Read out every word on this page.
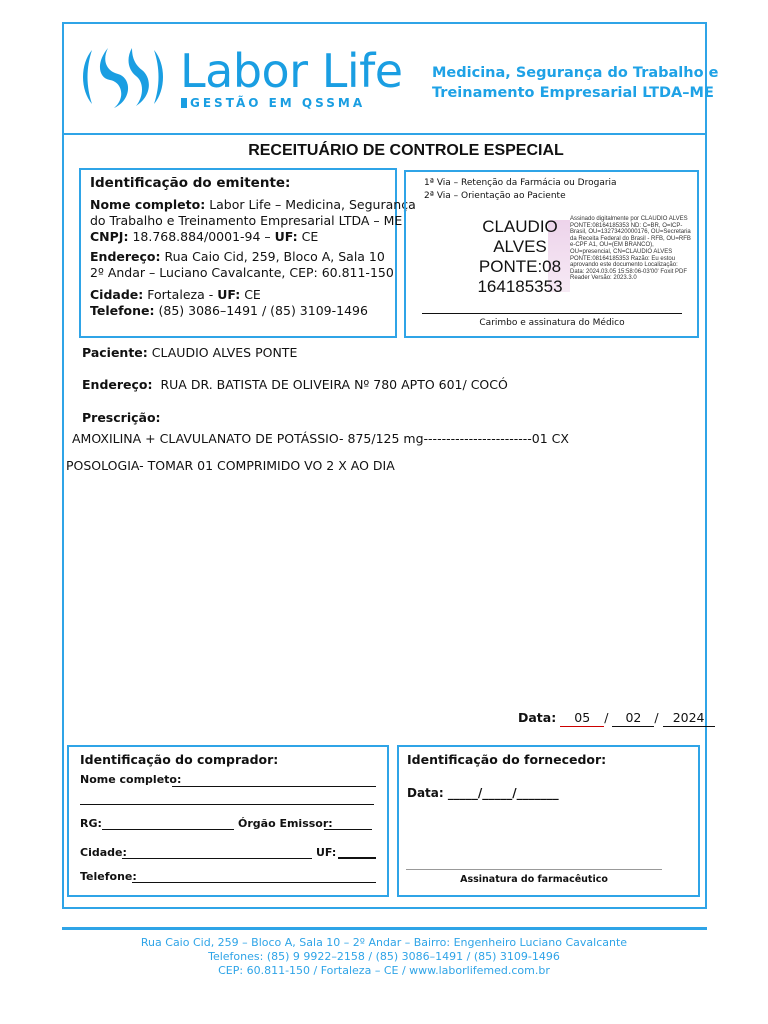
Labor Life
GESTÃO EM QSSMA
Medicina, Segurança do Trabalho e
Treinamento Empresarial LTDA–ME
RECEITUÁRIO DE CONTROLE ESPECIAL
Identificação do emitente:
Nome completo: Labor Life – Medicina, Segurança
do Trabalho e Treinamento Empresarial LTDA – ME
CNPJ: 18.768.884/0001-94 – UF: CE
Endereço: Rua Caio Cid, 259, Bloco A, Sala 10
2º Andar – Luciano Cavalcante, CEP: 60.811-150
Cidade: Fortaleza - UF: CE
Telefone: (85) 3086–1491 / (85) 3109-1496
1ª Via – Retenção da Farmácia ou Drogaria
2ª Via – Orientação ao Paciente
CLAUDIO
ALVES
PONTE:08
164185353
Assinado digitalmente por CLAUDIO ALVES PONTE:08164185353 ND: C=BR, O=ICP-Brasil, OU=13273420000176, OU=Secretaria da Receita Federal do Brasil - RFB, OU=RFB e-CPF A1, OU=(EM BRANCO), OU=presencial, CN=CLAUDIO ALVES PONTE:08164185353 Razão: Eu estou aprovando este documento Localização: Data: 2024.03.05 15:58:06-03'00' Foxit PDF Reader Versão: 2023.3.0
Carimbo e assinatura do Médico
Paciente: CLAUDIO ALVES PONTE
Endereço: RUA DR. BATISTA DE OLIVEIRA Nº 780 APTO 601/ COCÓ
Prescrição:
AMOXILINA + CLAVULANATO DE POTÁSSIO- 875/125 mg------------------------01 CX
POSOLOGIA- TOMAR 01 COMPRIMIDO VO 2 X AO DIA
Data: 05 / 02 / 2024
Identificação do comprador:
Nome completo:
RG:	Órgão Emissor:
Cidade:	UF:
Telefone:
Identificação do fornecedor:
Data: _____/_____/_______
Assinatura do farmacêutico
Rua Caio Cid, 259 – Bloco A, Sala 10 – 2º Andar – Bairro: Engenheiro Luciano Cavalcante
Telefones: (85) 9 9922–2158 / (85) 3086–1491 / (85) 3109-1496
CEP: 60.811-150 / Fortaleza – CE / www.laborlifemed.com.br
